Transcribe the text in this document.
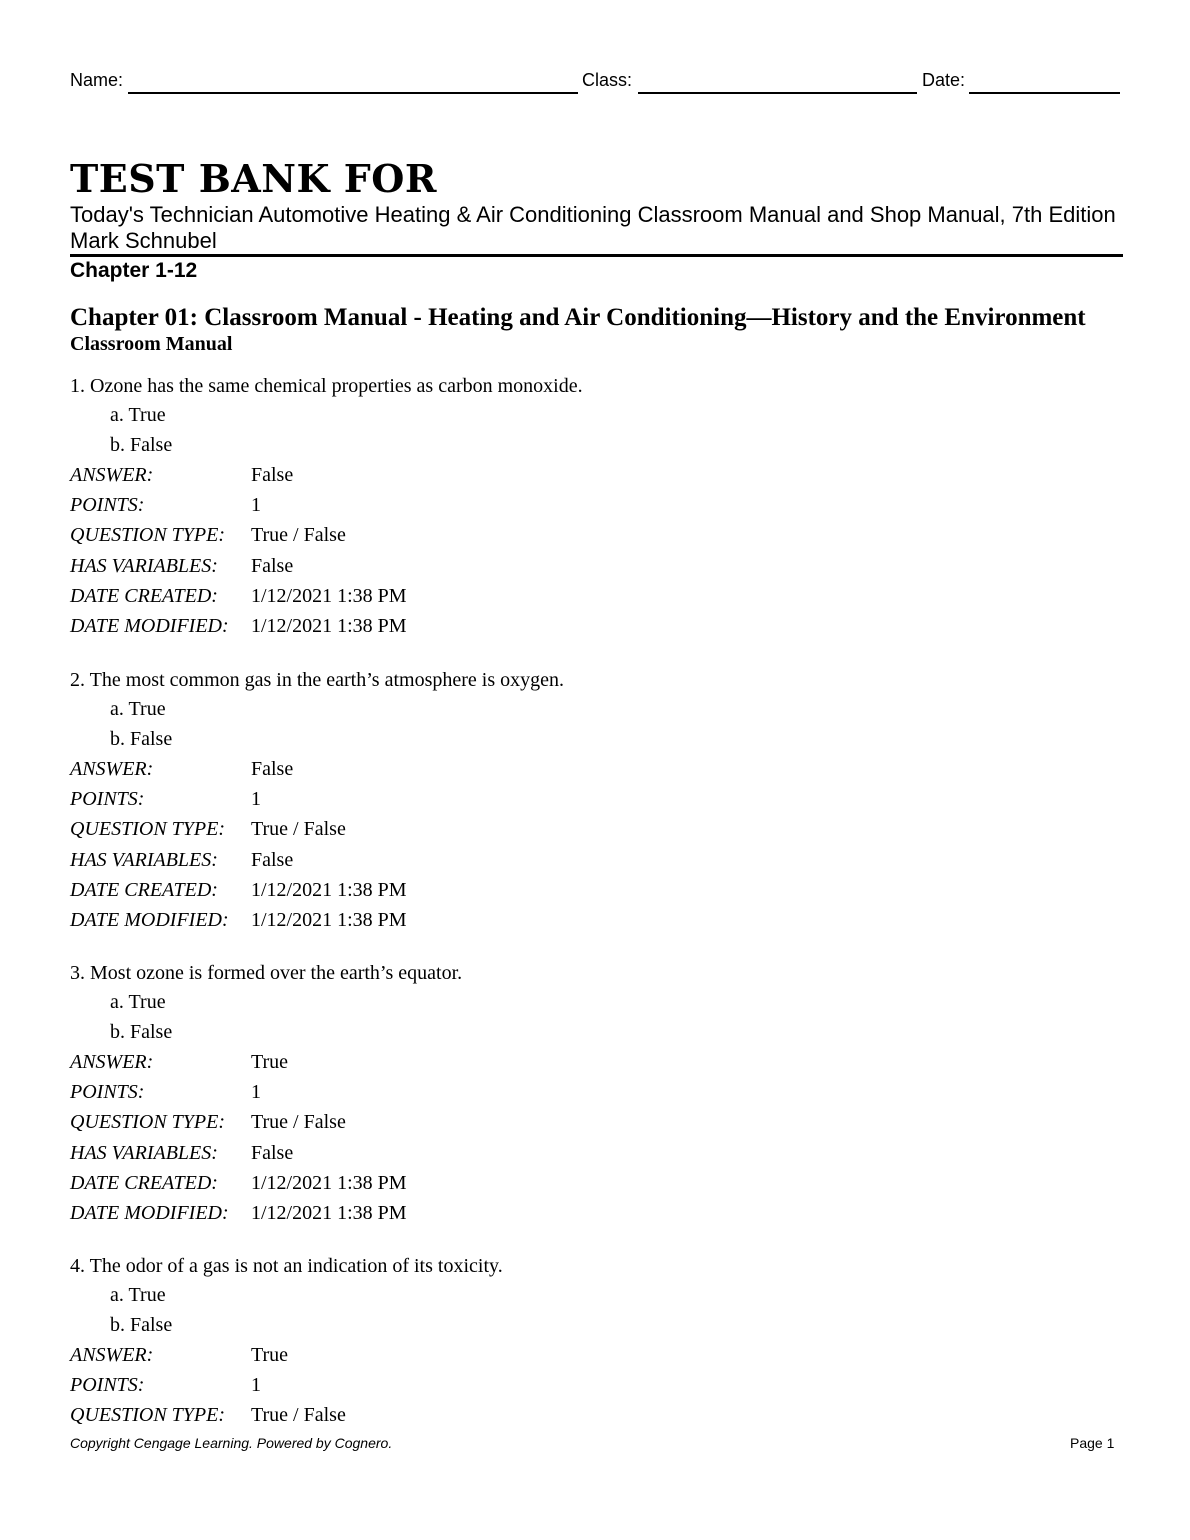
Name:	Class:	Date:
TEST BANK FOR
Today's Technician Automotive Heating & Air Conditioning Classroom Manual and Shop Manual, 7th Edition Mark Schnubel
Chapter 1-12
Chapter 01: Classroom Manual - Heating and Air Conditioning—History and the Environment
Classroom Manual
1. Ozone has the same chemical properties as carbon monoxide.
a. True
b. False
ANSWER:	False
POINTS:	1
QUESTION TYPE:	True / False
HAS VARIABLES:	False
DATE CREATED:	1/12/2021 1:38 PM
DATE MODIFIED:	1/12/2021 1:38 PM
2. The most common gas in the earth’s atmosphere is oxygen.
a. True
b. False
ANSWER:	False
POINTS:	1
QUESTION TYPE:	True / False
HAS VARIABLES:	False
DATE CREATED:	1/12/2021 1:38 PM
DATE MODIFIED:	1/12/2021 1:38 PM
3. Most ozone is formed over the earth’s equator.
a. True
b. False
ANSWER:	True
POINTS:	1
QUESTION TYPE:	True / False
HAS VARIABLES:	False
DATE CREATED:	1/12/2021 1:38 PM
DATE MODIFIED:	1/12/2021 1:38 PM
4. The odor of a gas is not an indication of its toxicity.
a. True
b. False
ANSWER:	True
POINTS:	1
QUESTION TYPE:	True / False
Copyright Cengage Learning. Powered by Cognero.	Page 1
